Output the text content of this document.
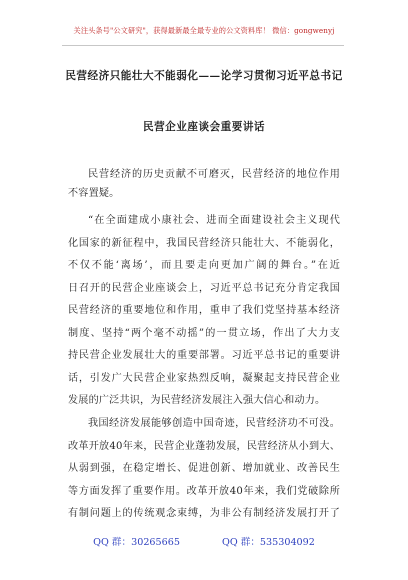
关注头条号"公文研究"，获得最新最全最专业的公文资料库！ 微信：gongwenyj
民营经济只能壮大不能弱化——论学习贯彻习近平总书记
民营企业座谈会重要讲话
民营经济的历史贡献不可磨灭，民营经济的地位作用
不容置疑。
“在全面建成小康社会、进而全面建设社会主义现代
化国家的新征程中，我国民营经济只能壮大、不能弱化，
不仅不能‘离场’，而且要走向更加广阔的舞台。”在近
日召开的民营企业座谈会上，习近平总书记充分肯定我国
民营经济的重要地位和作用，重申了我们党坚持基本经济
制度、坚持“两个毫不动摇”的一贯立场，作出了大力支
持民营企业发展壮大的重要部署。习近平总书记的重要讲
话，引发广大民营企业家热烈反响，凝聚起支持民营企业
发展的广泛共识，为民营经济发展注入强大信心和动力。
我国经济发展能够创造中国奇迹，民营经济功不可没。
改革开放40年来，民营企业蓬勃发展，民营经济从小到大、
从弱到强，在稳定增长、促进创新、增加就业、改善民生
等方面发挥了重要作用。改革开放40年来，我们党破除所
有制问题上的传统观念束缚，为非公有制经济发展打开了
QQ 群：30265665	QQ 群：535304092
